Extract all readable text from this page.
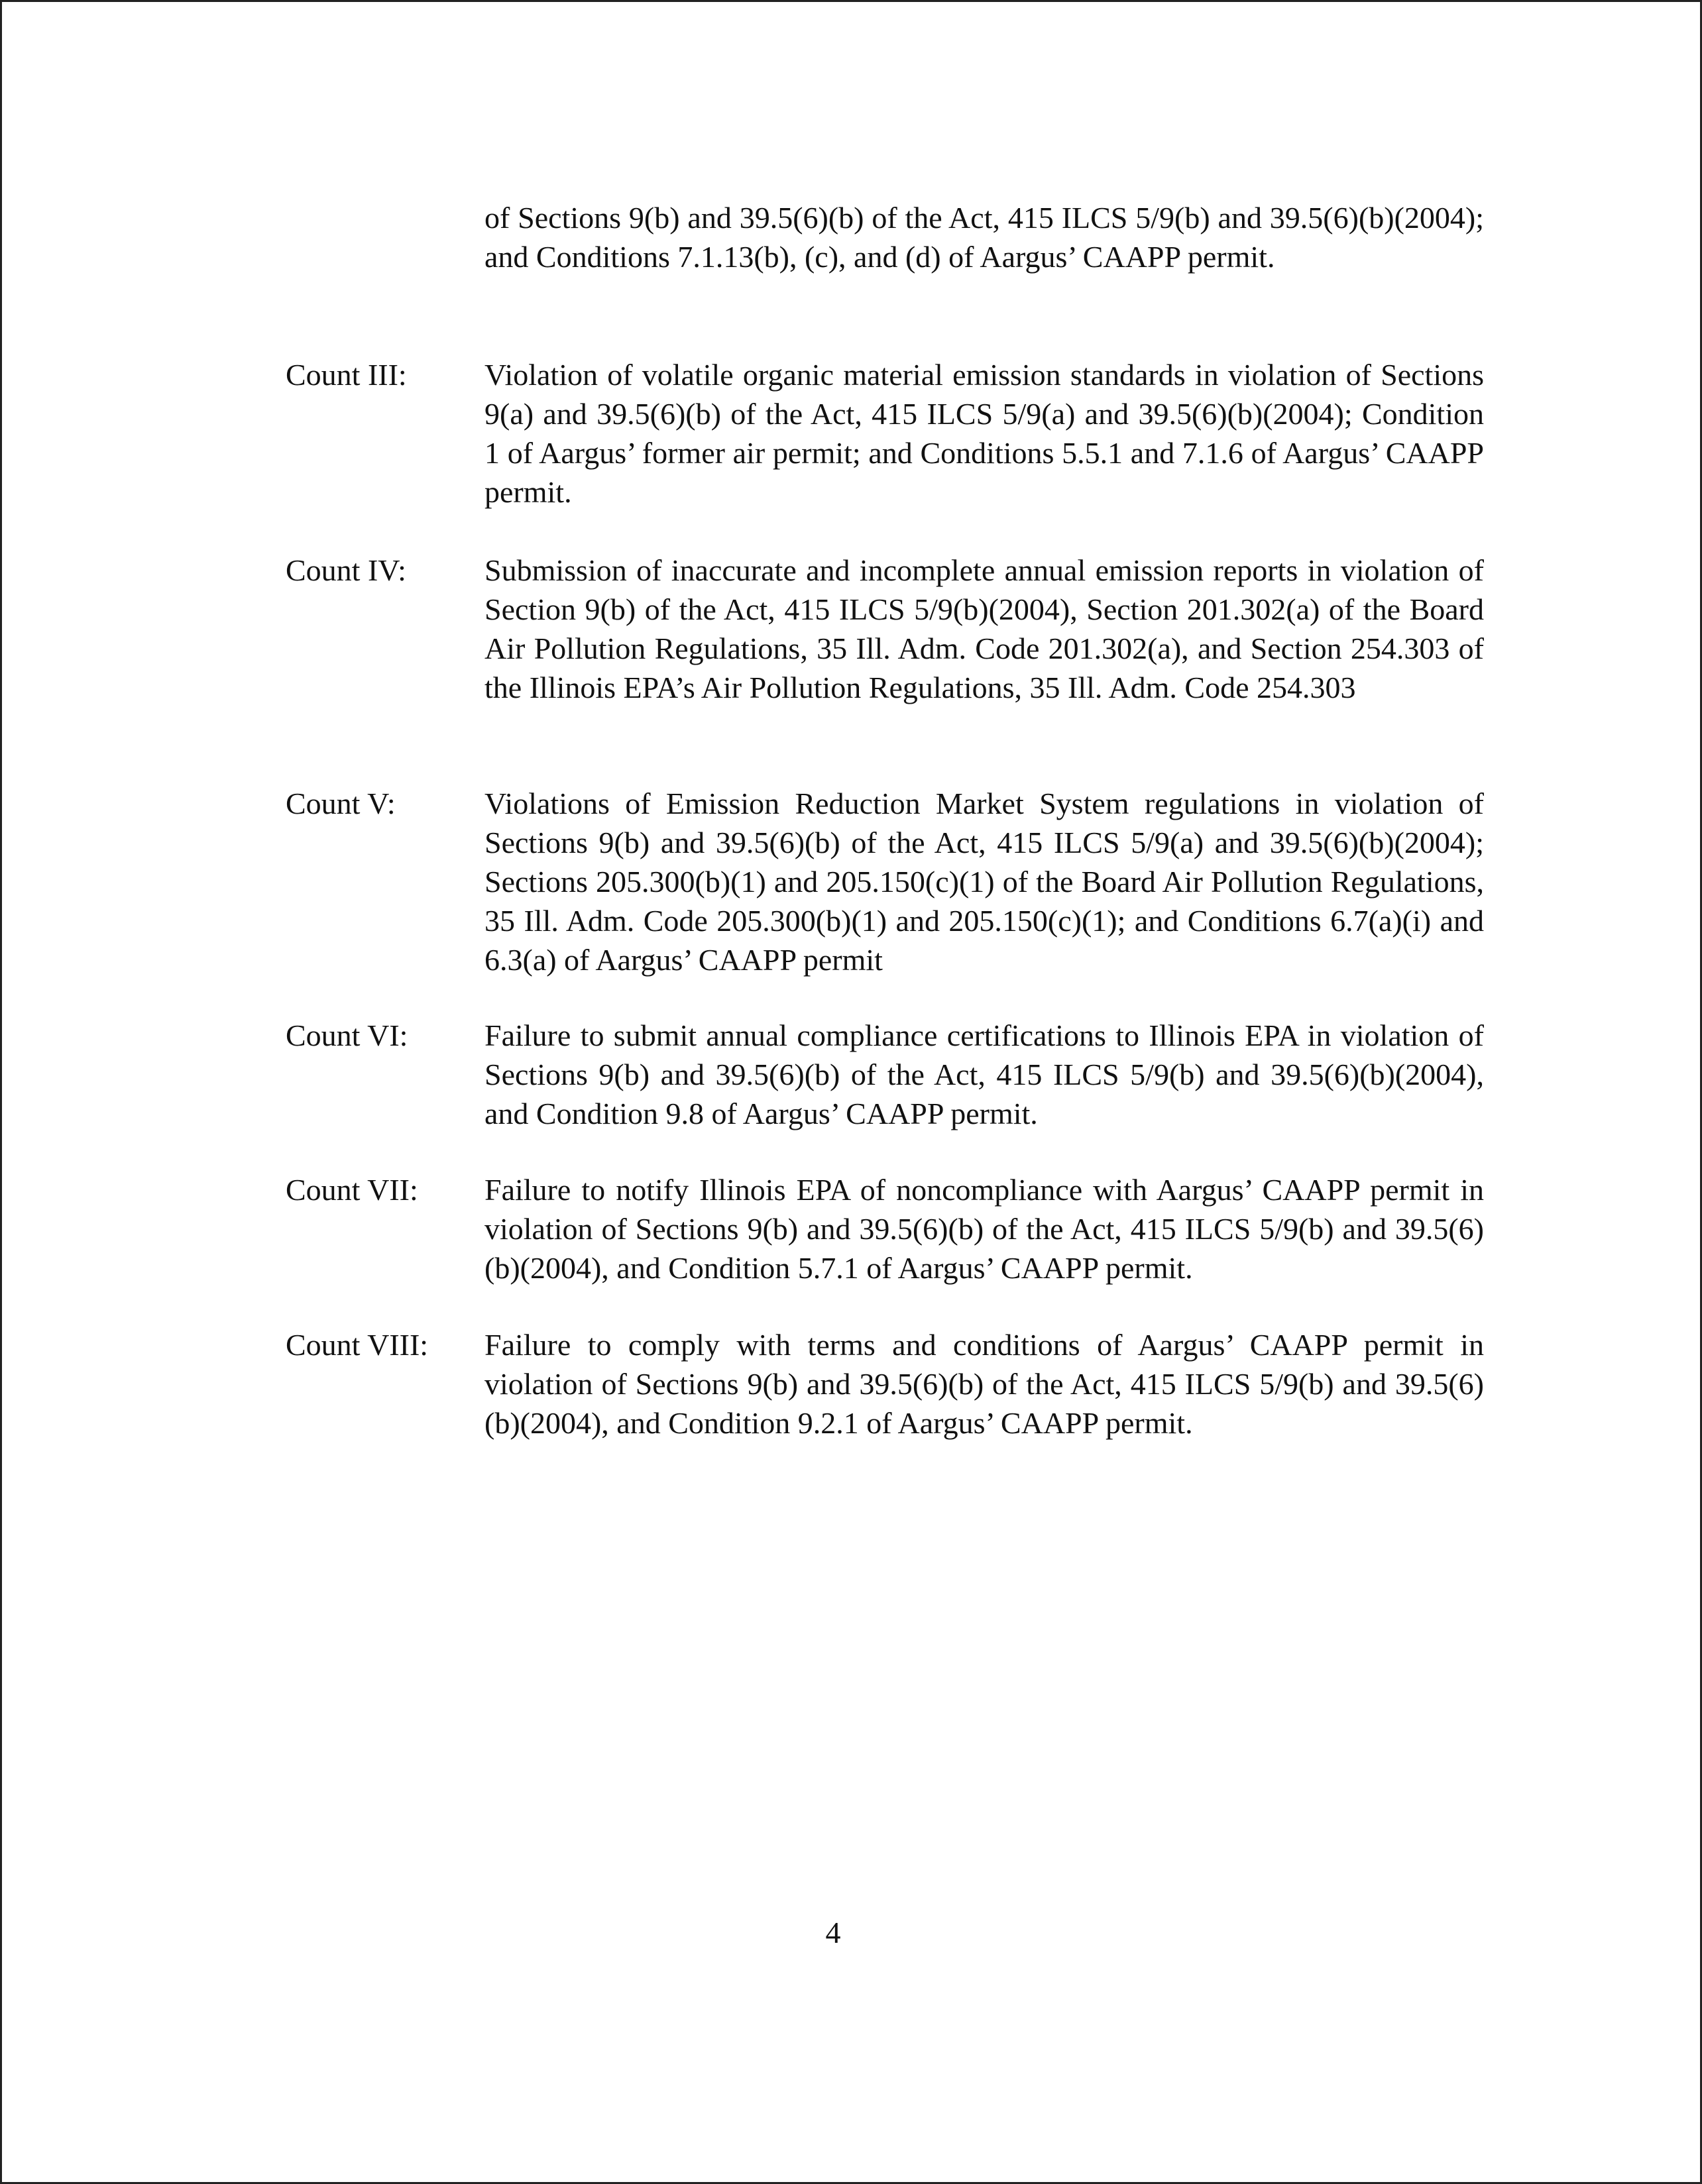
of Sections 9(b) and 39.5(6)(b) of the Act, 415 ILCS 5/9(b) and 39.5(6)(b)(2004); and Conditions 7.1.13(b), (c), and (d) of Aargus’ CAAPP permit.

Count III:	Violation of volatile organic material emission standards in violation of Sections 9(a) and 39.5(6)(b) of the Act, 415 ILCS 5/9(a) and 39.5(6)(b)(2004); Condition 1 of Aargus’ former air permit; and Conditions 5.5.1 and 7.1.6 of Aargus’ CAAPP permit.

Count IV:	Submission of inaccurate and incomplete annual emission reports in violation of Section 9(b) of the Act, 415 ILCS 5/9(b)(2004), Section 201.302(a) of the Board Air Pollution Regulations, 35 Ill. Adm. Code 201.302(a), and Section 254.303 of the Illinois EPA’s Air Pollution Regulations, 35 Ill. Adm. Code 254.303

Count V:	Violations of Emission Reduction Market System regulations in violation of Sections 9(b) and 39.5(6)(b) of the Act, 415 ILCS 5/9(a) and 39.5(6)(b)(2004); Sections 205.300(b)(1) and 205.150(c)(1) of the Board Air Pollution Regulations, 35 Ill. Adm. Code 205.300(b)(1) and 205.150(c)(1); and Conditions 6.7(a)(i) and 6.3(a) of Aargus’ CAAPP permit

Count VI:	Failure to submit annual compliance certifications to Illinois EPA in violation of Sections 9(b) and 39.5(6)(b) of the Act, 415 ILCS 5/9(b) and 39.5(6)(b)(2004), and Condition 9.8 of Aargus’ CAAPP permit.

Count VII: Failure to notify Illinois EPA of noncompliance with Aargus’ CAAPP permit in violation of Sections 9(b) and 39.5(6)(b) of the Act, 415 ILCS 5/9(b) and 39.5(6)(b)(2004), and Condition 5.7.1 of Aargus’ CAAPP permit.

Count VIII: Failure to comply with terms and conditions of Aargus’ CAAPP permit in violation of Sections 9(b) and 39.5(6)(b) of the Act, 415 ILCS 5/9(b) and 39.5(6)(b)(2004), and Condition 9.2.1 of Aargus’ CAAPP permit.

4
